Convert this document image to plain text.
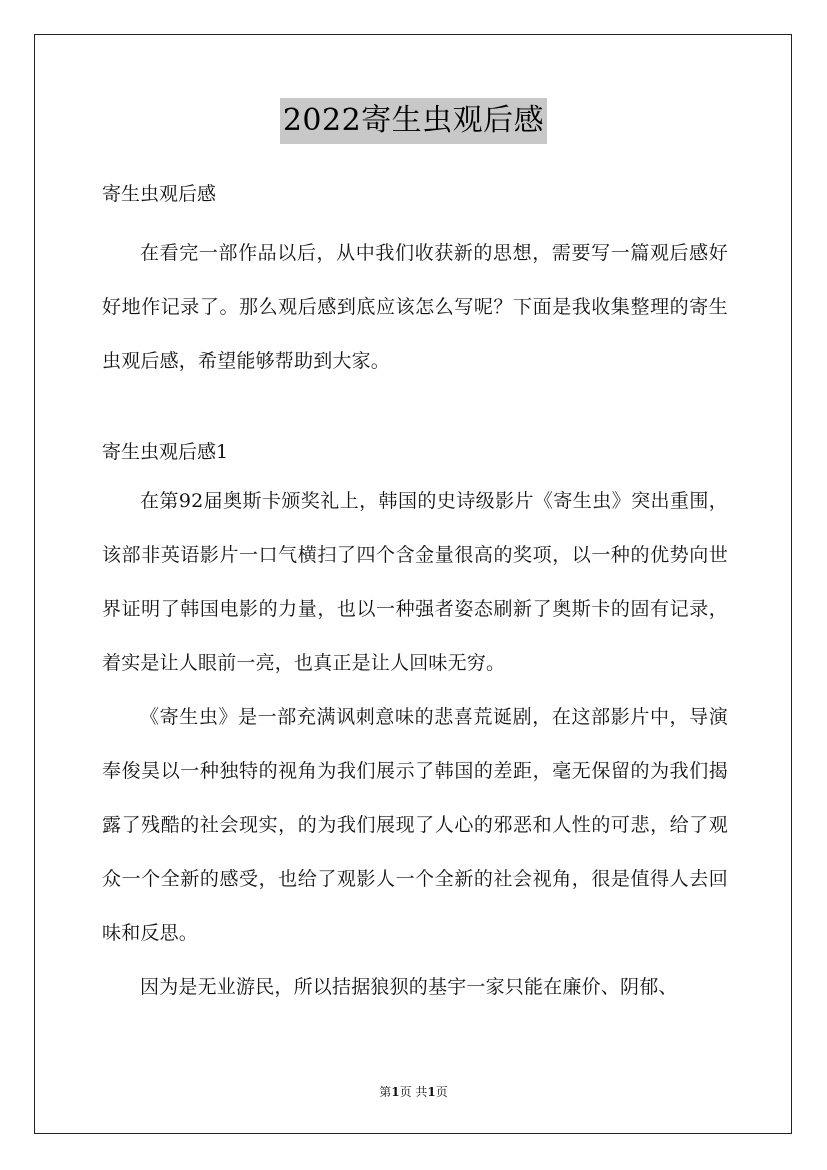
2022寄生虫观后感

寄生虫观后感

在看完一部作品以后，从中我们收获新的思想，需要写一篇观后感好好地作记录了。那么观后感到底应该怎么写呢？下面是我收集整理的寄生虫观后感，希望能够帮助到大家。

寄生虫观后感1

在第92届奥斯卡颁奖礼上，韩国的史诗级影片《寄生虫》突出重围，该部非英语影片一口气横扫了四个含金量很高的奖项，以一种的优势向世界证明了韩国电影的力量，也以一种强者姿态刷新了奥斯卡的固有记录，着实是让人眼前一亮，也真正是让人回味无穷。

《寄生虫》是一部充满讽刺意味的悲喜荒诞剧，在这部影片中，导演奉俊昊以一种独特的视角为我们展示了韩国的差距，毫无保留的为我们揭露了残酷的社会现实，的为我们展现了人心的邪恶和人性的可悲，给了观众一个全新的感受，也给了观影人一个全新的社会视角，很是值得人去回味和反思。

因为是无业游民，所以拮据狼狈的基宇一家只能在廉价、阴郁、

第1页 共1页
